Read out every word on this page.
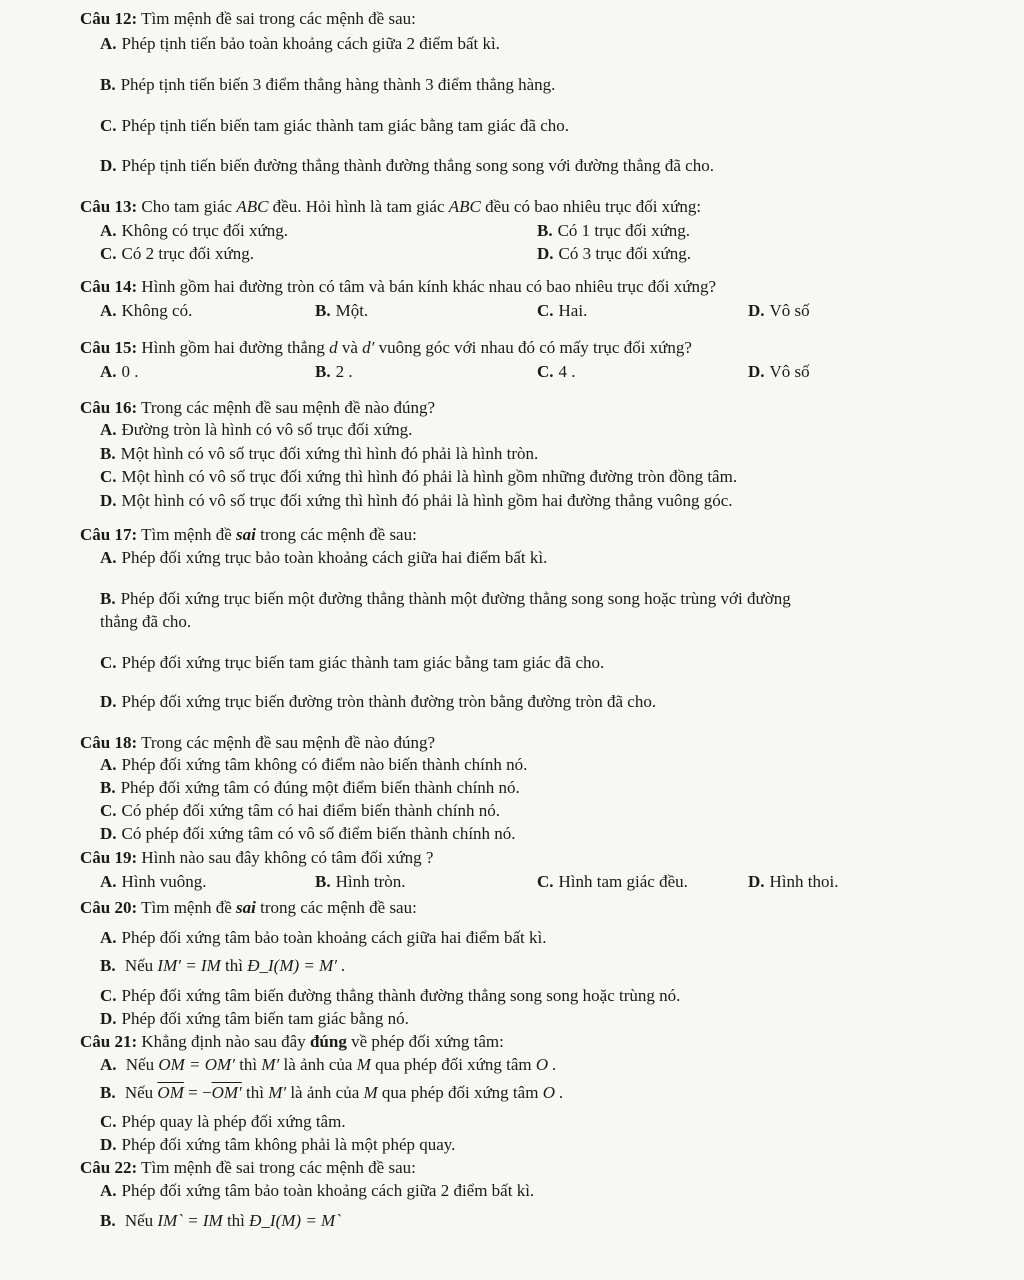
Câu 12: Tìm mệnh đề sai trong các mệnh đề sau:
A. Phép tịnh tiến bảo toàn khoảng cách giữa 2 điểm bất kì.
B. Phép tịnh tiến biến 3 điểm thẳng hàng thành 3 điểm thẳng hàng.
C. Phép tịnh tiến biến tam giác thành tam giác bằng tam giác đã cho.
D. Phép tịnh tiến biến đường thẳng thành đường thẳng song song với đường thẳng đã cho.
Câu 13: Cho tam giác ABC đều. Hỏi hình là tam giác ABC đều có bao nhiêu trục đối xứng:
A. Không có trục đối xứng.	B. Có 1 trục đối xứng.
C. Có 2 trục đối xứng.	D. Có 3 trục đối xứng.
Câu 14: Hình gồm hai đường tròn có tâm và bán kính khác nhau có bao nhiêu trục đối xứng?
A. Không có.	B. Một.	C. Hai.	D. Vô số
Câu 15: Hình gồm hai đường thẳng d và d′ vuông góc với nhau đó có mấy trục đối xứng?
A. 0 .	B. 2 .	C. 4 .	D. Vô số
Câu 16: Trong các mệnh đề sau mệnh đề nào đúng?
A. Đường tròn là hình có vô số trục đối xứng.
B. Một hình có vô số trục đối xứng thì hình đó phải là hình tròn.
C. Một hình có vô số trục đối xứng thì hình đó phải là hình gồm những đường tròn đồng tâm.
D. Một hình có vô số trục đối xứng thì hình đó phải là hình gồm hai đường thẳng vuông góc.
Câu 17: Tìm mệnh đề sai trong các mệnh đề sau:
A. Phép đối xứng trục bảo toàn khoảng cách giữa hai điểm bất kì.
B. Phép đối xứng trục biến một đường thẳng thành một đường thẳng song song hoặc trùng với đường
thẳng đã cho.
C. Phép đối xứng trục biến tam giác thành tam giác bằng tam giác đã cho.
D. Phép đối xứng trục biến đường tròn thành đường tròn bằng đường tròn đã cho.
Câu 18: Trong các mệnh đề sau mệnh đề nào đúng?
A. Phép đối xứng tâm không có điểm nào biến thành chính nó.
B. Phép đối xứng tâm có đúng một điểm biến thành chính nó.
C. Có phép đối xứng tâm có hai điểm biến thành chính nó.
D. Có phép đối xứng tâm có vô số điểm biến thành chính nó.
Câu 19: Hình nào sau đây không có tâm đối xứng ?
A. Hình vuông.	B. Hình tròn.	C. Hình tam giác đều.	D. Hình thoi.
Câu 20: Tìm mệnh đề sai trong các mệnh đề sau:
A. Phép đối xứng tâm bảo toàn khoảng cách giữa hai điểm bất kì.
B. Nếu IM′ = IM thì Đ_I(M) = M′ .
C. Phép đối xứng tâm biến đường thẳng thành đường thẳng song song hoặc trùng nó.
D. Phép đối xứng tâm biến tam giác bằng nó.
Câu 21: Khẳng định nào sau đây đúng về phép đối xứng tâm:
A. Nếu OM = OM′ thì M′ là ảnh của M qua phép đối xứng tâm O .
B. Nếu $\overline{OM} = -OM'$ thì M′ là ảnh của M qua phép đối xứng tâm O .
C. Phép quay là phép đối xứng tâm.
D. Phép đối xứng tâm không phải là một phép quay.
Câu 22: Tìm mệnh đề sai trong các mệnh đề sau:
A. Phép đối xứng tâm bảo toàn khoảng cách giữa 2 điểm bất kì.
B. Nếu IM` = IM thì Đ_I(M) = M`
